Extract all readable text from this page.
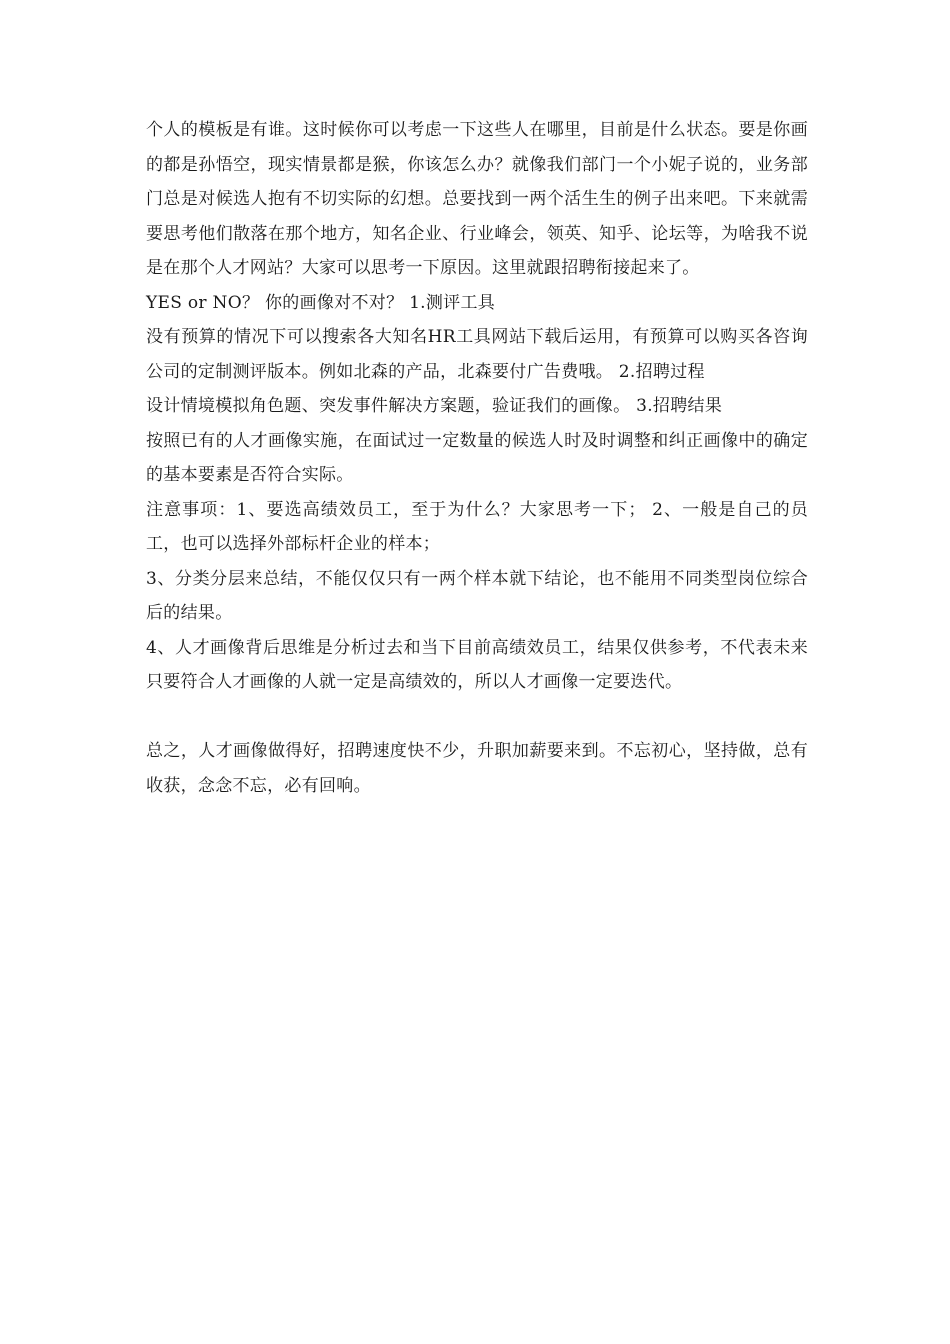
个人的模板是有谁。这时候你可以考虑一下这些人在哪里，目前是什么状态。要是你画的都是孙悟空，现实情景都是猴，你该怎么办？就像我们部门一个小妮子说的，业务部门总是对候选人抱有不切实际的幻想。总要找到一两个活生生的例子出来吧。下来就需要思考他们散落在那个地方，知名企业、行业峰会，领英、知乎、论坛等，为啥我不说是在那个人才网站？大家可以思考一下原因。这里就跟招聘衔接起来了。

YES or NO？ 你的画像对不对？ 1.测评工具

没有预算的情况下可以搜索各大知名HR工具网站下载后运用，有预算可以购买各咨询公司的定制测评版本。例如北森的产品，北森要付广告费哦。 2.招聘过程

设计情境模拟角色题、突发事件解决方案题，验证我们的画像。 3.招聘结果

按照已有的人才画像实施，在面试过一定数量的候选人时及时调整和纠正画像中的确定的基本要素是否符合实际。

注意事项：1、要选高绩效员工，至于为什么？大家思考一下； 2、一般是自己的员工，也可以选择外部标杆企业的样本；

3、分类分层来总结，不能仅仅只有一两个样本就下结论，也不能用不同类型岗位综合后的结果。

4、人才画像背后思维是分析过去和当下目前高绩效员工，结果仅供参考，不代表未来只要符合人才画像的人就一定是高绩效的，所以人才画像一定要迭代。

总之，人才画像做得好，招聘速度快不少，升职加薪要来到。不忘初心，坚持做，总有收获，念念不忘，必有回响。
